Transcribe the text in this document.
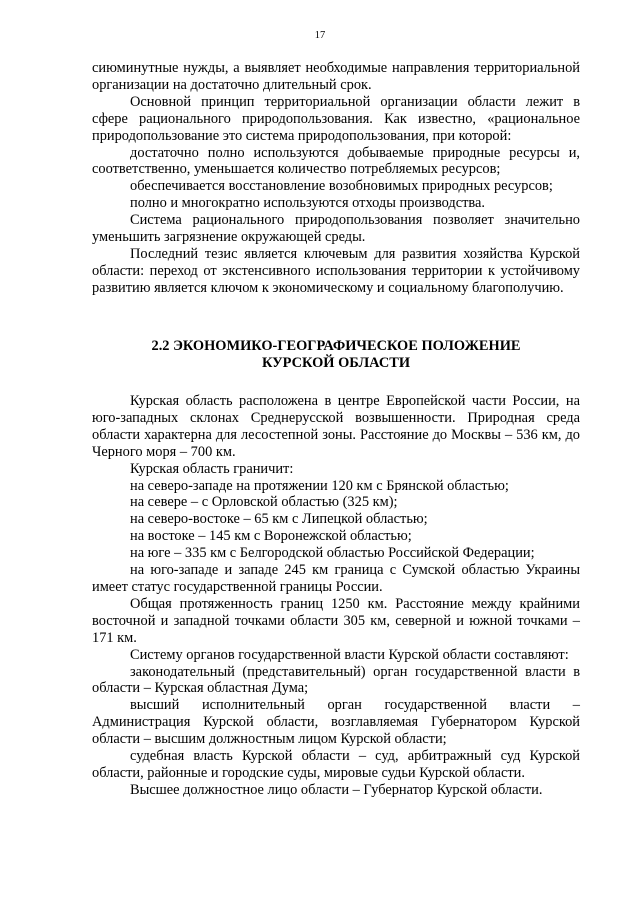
17

сиюминутные нужды, а выявляет необходимые направления территориальной организации на достаточно длительный срок.

Основной принцип территориальной организации области лежит в сфере рационального природопользования. Как известно, «рациональное природопользование это система природопользования, при которой:

достаточно полно используются добываемые природные ресурсы и, соответственно, уменьшается количество потребляемых ресурсов;

обеспечивается восстановление возобновимых природных ресурсов;

полно и многократно используются отходы производства.

Система рационального природопользования позволяет значительно уменьшить загрязнение окружающей среды.

Последний тезис является ключевым для развития хозяйства Курской области: переход от экстенсивного использования территории к устойчивому развитию является ключом к экономическому и социальному благополучию.

2.2 ЭКОНОМИКО-ГЕОГРАФИЧЕСКОЕ ПОЛОЖЕНИЕ
КУРСКОЙ ОБЛАСТИ

Курская область расположена в центре Европейской части России, на юго-западных склонах Среднерусской возвышенности. Природная среда области характерна для лесостепной зоны. Расстояние до Москвы – 536 км, до Черного моря – 700 км.

Курская область граничит:

на северо-западе на протяжении 120 км с Брянской областью;

на севере – с Орловской областью (325 км);

на северо-востоке – 65 км с Липецкой областью;

на востоке – 145 км с Воронежской областью;

на юге – 335 км с Белгородской областью Российской Федерации;

на юго-западе и западе 245 км граница с Сумской областью Украины имеет статус государственной границы России.

Общая протяженность границ 1250 км. Расстояние между крайними восточной и западной точками области 305 км, северной и южной точками – 171 км.

Систему органов государственной власти Курской области составляют:

законодательный (представительный) орган государственной власти в области – Курская областная Дума;

высший исполнительный орган государственной власти – Администрация Курской области, возглавляемая Губернатором Курской области – высшим должностным лицом Курской области;

судебная власть Курской области – суд, арбитражный суд Курской области, районные и городские суды, мировые судьи Курской области.

Высшее должностное лицо области – Губернатор Курской области.
